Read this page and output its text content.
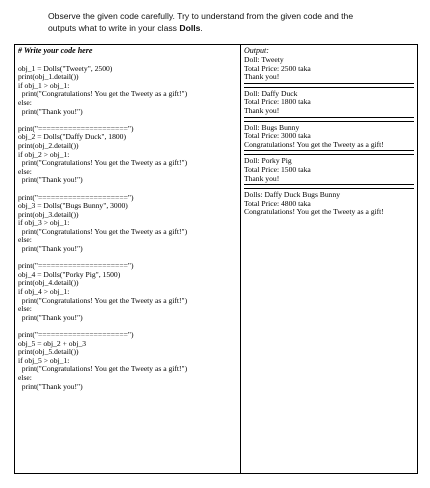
Observe the given code carefully. Try to understand from the given code and the
outputs what to write in your class Dolls.
# Write your code here
obj_1 = Dolls("Tweety", 2500)
print(obj_1.detail())
if obj_1 > obj_1:
print("Congratulations! You get the Tweety as a gift!")
else:
print("Thank you!")
print("=====================")
obj_2 = Dolls("Daffy Duck", 1800)
print(obj_2.detail())
if obj_2 > obj_1:
print("Congratulations! You get the Tweety as a gift!")
else:
print("Thank you!")
print("=====================")
obj_3 = Dolls("Bugs Bunny", 3000)
print(obj_3.detail())
if obj_3 > obj_1:
print("Congratulations! You get the Tweety as a gift!")
else:
print("Thank you!")
print("=====================")
obj_4 = Dolls("Porky Pig", 1500)
print(obj_4.detail())
if obj_4 > obj_1:
print("Congratulations! You get the Tweety as a gift!")
else:
print("Thank you!")
print("=====================")
obj_5 = obj_2 + obj_3
print(obj_5.detail())
if obj_5 > obj_1:
print("Congratulations! You get the Tweety as a gift!")
else:
print("Thank you!")

Output:
Doll: Tweety
Total Price: 2500 taka
Thank you!
Doll: Daffy Duck
Total Price: 1800 taka
Thank you!
Doll: Bugs Bunny
Total Price: 3000 taka
Congratulations! You get the Tweety as a gift!
Doll: Porky Pig
Total Price: 1500 taka
Thank you!
Dolls: Daffy Duck Bugs Bunny
Total Price: 4800 taka
Congratulations! You get the Tweety as a gift!
